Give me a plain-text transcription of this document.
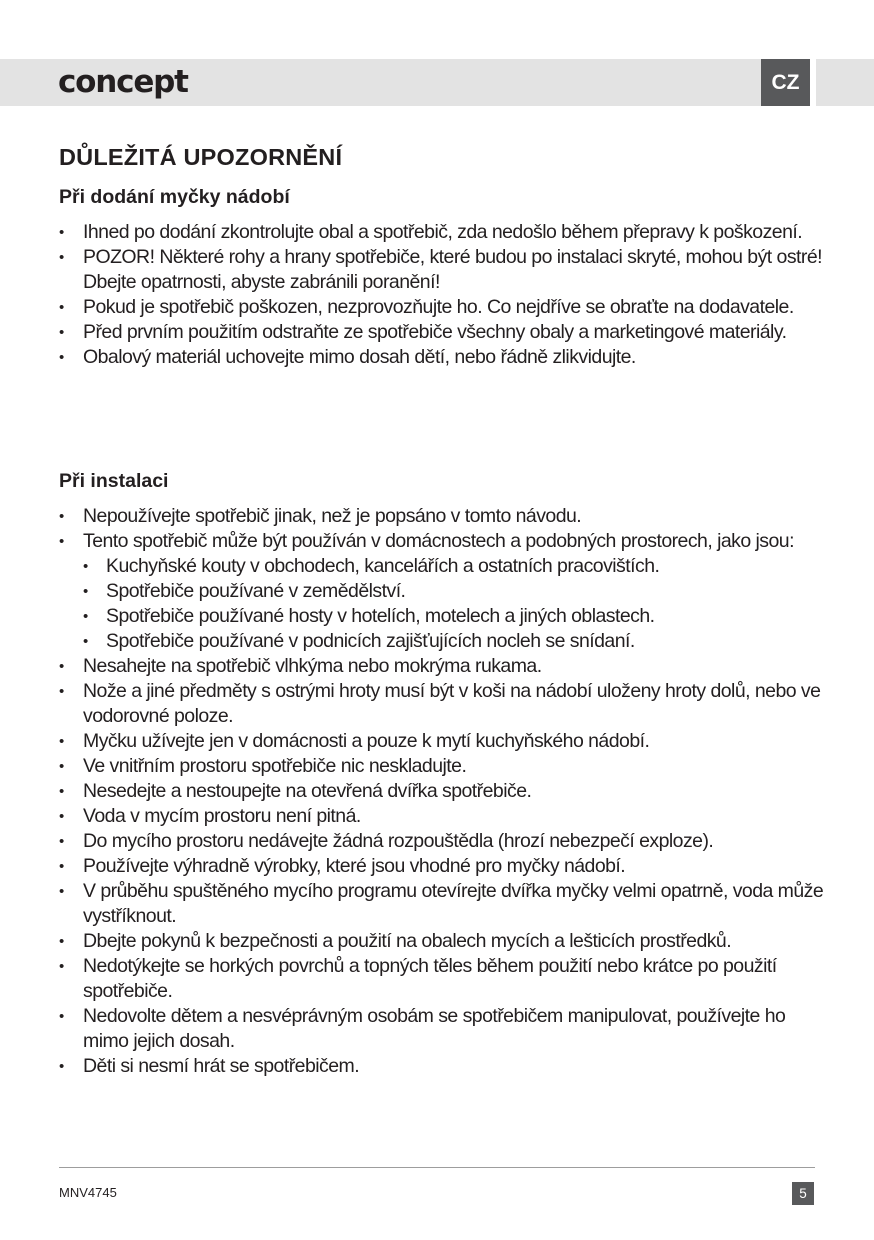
concept	CZ
DŮLEŽITÁ UPOZORNĚNÍ
Při dodání myčky nádobí
• Ihned po dodání zkontrolujte obal a spotřebič, zda nedošlo během přepravy k poškození.
• POZOR! Některé rohy a hrany spotřebiče, které budou po instalaci skryté, mohou být ostré! Dbejte opatrnosti, abyste zabránili poranění!
• Pokud je spotřebič poškozen, nezprovozňujte ho. Co nejdříve se obraťte na dodavatele.
• Před prvním použitím odstraňte ze spotřebiče všechny obaly a marketingové materiály.
• Obalový materiál uchovejte mimo dosah dětí, nebo řádně zlikvidujte.
Při instalaci
• Nepoužívejte spotřebič jinak, než je popsáno v tomto návodu.
• Tento spotřebič může být používán v domácnostech a podobných prostorech, jako jsou:
• Kuchyňské kouty v obchodech, kancelářích a ostatních pracovištích.
• Spotřebiče používané v zemědělství.
• Spotřebiče používané hosty v hotelích, motelech a jiných oblastech.
• Spotřebiče používané v podnicích zajišťujících nocleh se snídaní.
• Nesahejte na spotřebič vlhkýma nebo mokrýma rukama.
• Nože a jiné předměty s ostrými hroty musí být v koši na nádobí uloženy hroty dolů, nebo ve vodorovné poloze.
• Myčku užívejte jen v domácnosti a pouze k mytí kuchyňského nádobí.
• Ve vnitřním prostoru spotřebiče nic neskladujte.
• Nesedejte a nestoupejte na otevřená dvířka spotřebiče.
• Voda v mycím prostoru není pitná.
• Do mycího prostoru nedávejte žádná rozpouštědla (hrozí nebezpečí exploze).
• Používejte výhradně výrobky, které jsou vhodné pro myčky nádobí.
• V průběhu spuštěného mycího programu otevírejte dvířka myčky velmi opatrně, voda může vystříknout.
• Dbejte pokynů k bezpečnosti a použití na obalech mycích a lešticích prostředků.
• Nedotýkejte se horkých povrchů a topných těles během použití nebo krátce po použití spotřebiče.
• Nedovolte dětem a nesvéprávným osobám se spotřebičem manipulovat, používejte ho mimo jejich dosah.
• Děti si nesmí hrát se spotřebičem.
MNV4745	5
